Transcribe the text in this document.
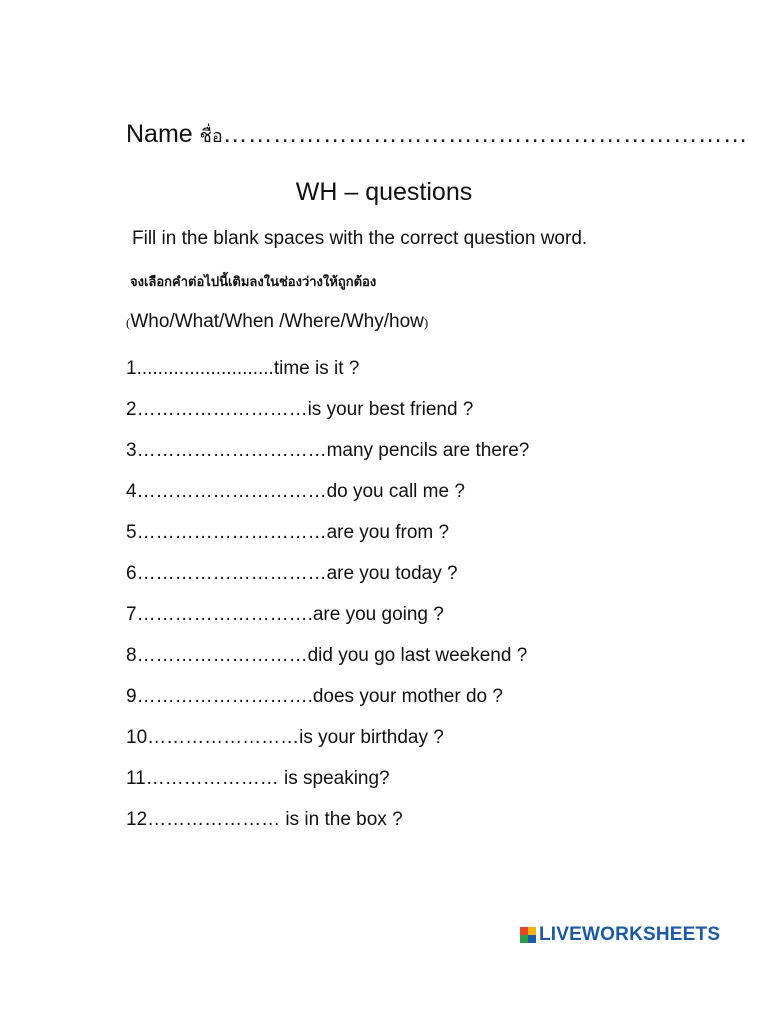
Name ชื่อ………………………………………………………
WH – questions
Fill in the blank spaces with the correct question word.
จงเลือกคำต่อไปนี้เติมลงในช่องว่างให้ถูกต้อง
(Who/What/When /Where/Why/how)
1..........................time is it ?
2………………………is your best friend ?
3…………………………many pencils are there?
4…………………………do you call me ?
5…………………………are you from ?
6…………………………are you today ?
7……………………….are you going ?
8………………………did you go last weekend ?
9……………………….does your mother do ?
10……………………is your birthday ?
11………………… is speaking?
12………………… is in the box ?
LIVEWORKSHEETS
